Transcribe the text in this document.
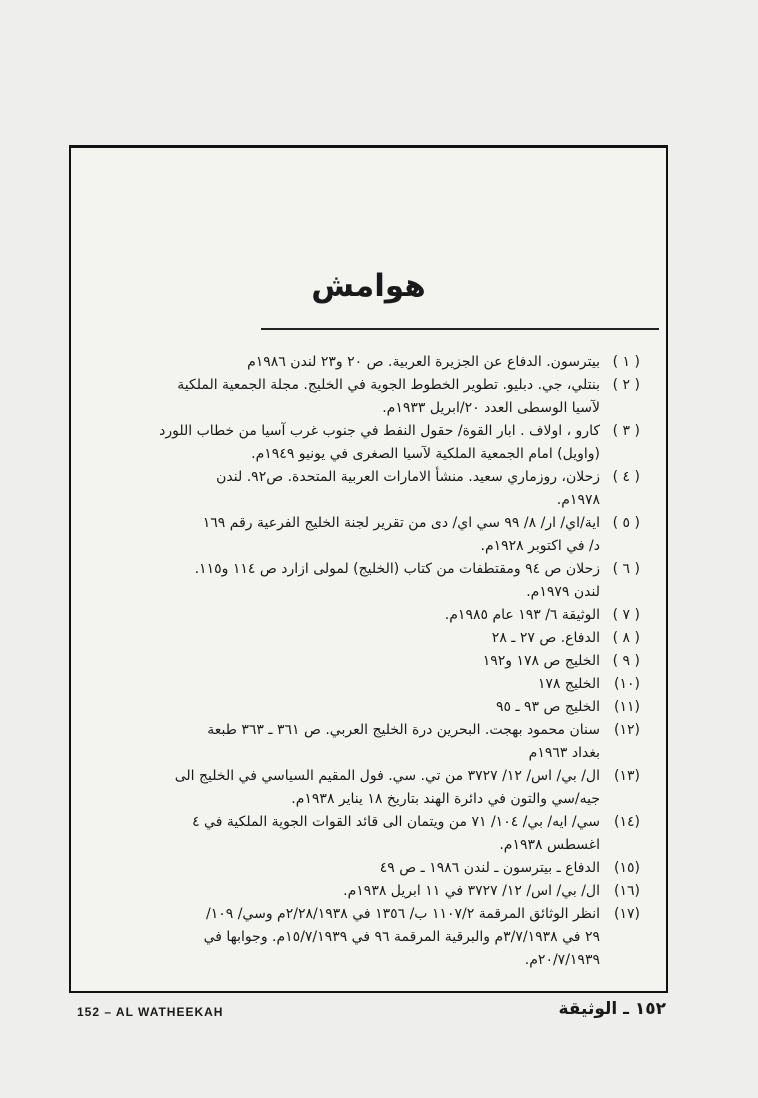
هوامش
( ١ )
بيترسون. الدفاع عن الجزيرة العربية. ص ٢٠ و٢٣ لندن ١٩٨٦م
( ٢ )
بنتلي، جي. دبليو. تطوير الخطوط الجوية في الخليج. مجلة الجمعية الملكية
لآسيا الوسطى العدد ٢٠/ابريل ١٩٣٣م.
( ٣ )
كارو ، اولاف . ابار القوة/ حقول النفط في جنوب غرب آسيا من خطاب اللورد
(واويل) امام الجمعية الملكية لآسيا الصغرى في يونيو ١٩٤٩م.
( ٤ )
زحلان، روزماري سعيد. منشأ الامارات العربية المتحدة. ص٩٢. لندن
١٩٧٨م.
( ٥ )
اية/اي/ ار/ ٨/ ٩٩ سي اي/ دى من تقرير لجنة الخليج الفرعية رقم ١٦٩
د/ في اكتوبر ١٩٢٨م.
( ٦ )
زحلان ص ٩٤ ومقتطفات من كتاب (الخليج) لمولى ازارد ص ١١٤ و١١٥.
لندن ١٩٧٩م.
( ٧ )
الوثيقة ٦/ ١٩٣ عام ١٩٨٥م.
( ٨ )
الدفاع. ص ٢٧ ـ ٢٨
( ٩ )
الخليج ص ١٧٨ و١٩٢
(١٠)
الخليج ١٧٨
(١١)
الخليج ص ٩٣ ـ ٩٥
(١٢)
سنان محمود بهجت. البحرين درة الخليج العربي. ص ٣٦١ ـ ٣٦٣ طبعة
بغداد ١٩٦٣م
(١٣)
ال/ بي/ اس/ ١٢/ ٣٧٢٧ من تي. سي. فول المقيم السياسي في الخليج الى
جيه/سي والتون في دائرة الهند بتاريخ ١٨ يناير ١٩٣٨م.
(١٤)
سي/ ايه/ بي/ ١٠٤/ ٧١ من ويتمان الى قائد القوات الجوية الملكية في ٤
اغسطس ١٩٣٨م.
(١٥)
الدفاع ـ بيترسون ـ لندن ١٩٨٦ ـ ص ٤٩
(١٦)
ال/ بي/ اس/ ١٢/ ٣٧٢٧ في ١١ ابريل ١٩٣٨م.
(١٧)
انظر الوثائق المرقمة ١١٠٧/٢ ب/ ١٣٥٦ في ٢/٢٨/١٩٣٨م وسي/ ١٠٩/
٢٩ في ٣/٧/١٩٣٨م والبرقية المرقمة ٩٦ في ١٥/٧/١٩٣٩م. وجوابها في
٢٠/٧/١٩٣٩م.
152 – AL WATHEEKAH	١٥٢ ـ الوثيقة
